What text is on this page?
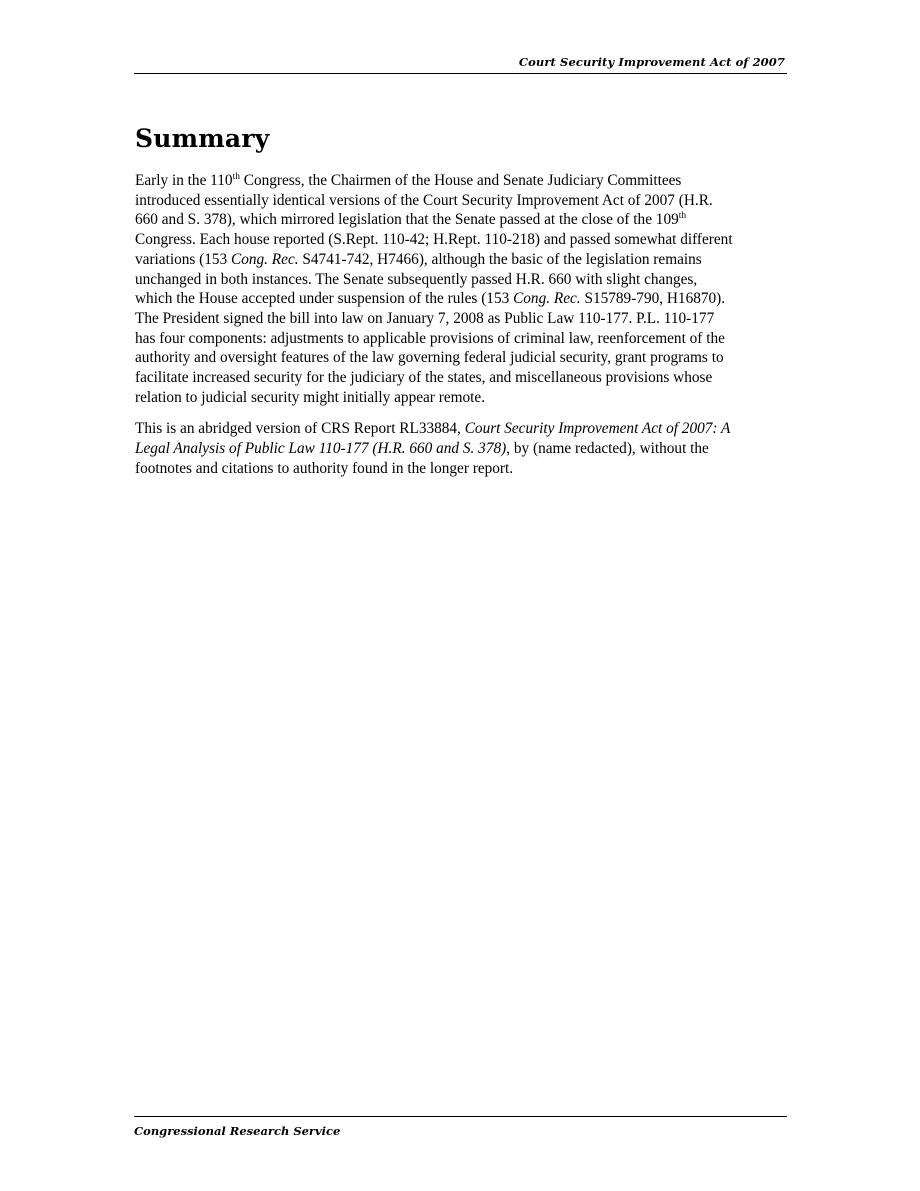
Court Security Improvement Act of 2007
Summary

Early in the 110th Congress, the Chairmen of the House and Senate Judiciary Committees
introduced essentially identical versions of the Court Security Improvement Act of 2007 (H.R.
660 and S. 378), which mirrored legislation that the Senate passed at the close of the 109th
Congress. Each house reported (S.Rept. 110-42; H.Rept. 110-218) and passed somewhat different
variations (153 Cong. Rec. S4741-742, H7466), although the basic of the legislation remains
unchanged in both instances. The Senate subsequently passed H.R. 660 with slight changes,
which the House accepted under suspension of the rules (153 Cong. Rec. S15789-790, H16870).
The President signed the bill into law on January 7, 2008 as Public Law 110-177. P.L. 110-177
has four components: adjustments to applicable provisions of criminal law, reenforcement of the
authority and oversight features of the law governing federal judicial security, grant programs to
facilitate increased security for the judiciary of the states, and miscellaneous provisions whose
relation to judicial security might initially appear remote.

This is an abridged version of CRS Report RL33884, Court Security Improvement Act of 2007: A
Legal Analysis of Public Law 110-177 (H.R. 660 and S. 378), by (name redacted), without the
footnotes and citations to authority found in the longer report.

Congressional Research Service
